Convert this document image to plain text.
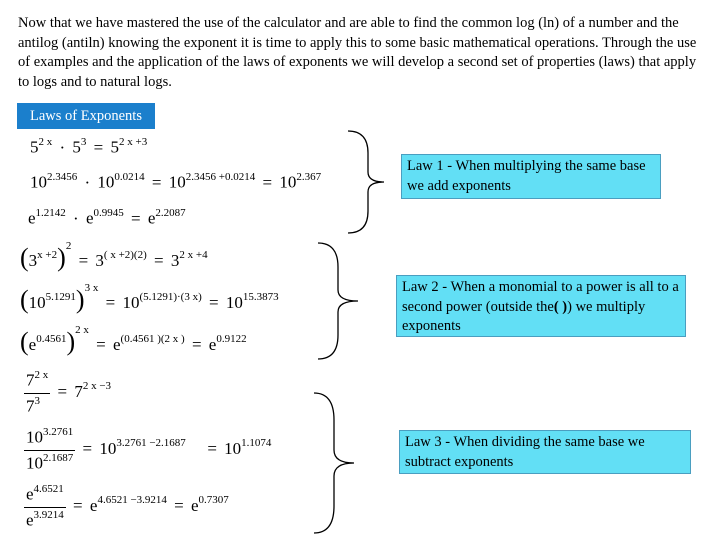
Now that we have mastered the use of the calculator and are able to find the common log (ln) of a number and the antilog (antiln) knowing the exponent it is time to apply this to some basic mathematical operations. Through the use of examples and the application of the laws of exponents we will develop a second set of properties (laws) that apply to logs and to natural logs.

Laws of Exponents
$5^{2 x} \cdot 5^3 = 5^{2 x +3}$
$10^{2.3456} \cdot 10^{0.0214} = 10^{2.3456 +0.0214} = 10^{2.367}$
$e^{1.2142} \cdot e^{0.9945} = e^{2.2087}$
$(3^{x +2})^2 = 3^{( x +2)(2)} = 3^{2 x +4}$
$(10^{5.1291})^{3 x} = 10^{(5.1291)\cdot(3 x)} = 10^{15.3873}$
$(e^{0.4561})^{2 x} = e^{(0.4561 )(2 x )} = e^{0.9122}$
$\frac{7^{2 x}}{7^3} = 7^{2 x -3}$
$\frac{10^{3.2761}}{10^{2.1687}} = 10^{3.2761 -2.1687} = 10^{1.1074}$
$\frac{e^{4.6521}}{e^{3.9214}} = e^{4.6521 -3.9214} = e^{0.7307}$
Law 1 - When multiplying the same base we add exponents
Law 2 - When a monomial to a power is all to a second power (outside the( )) we multiply exponents
Law 3 - When dividing the same base we subtract exponents
